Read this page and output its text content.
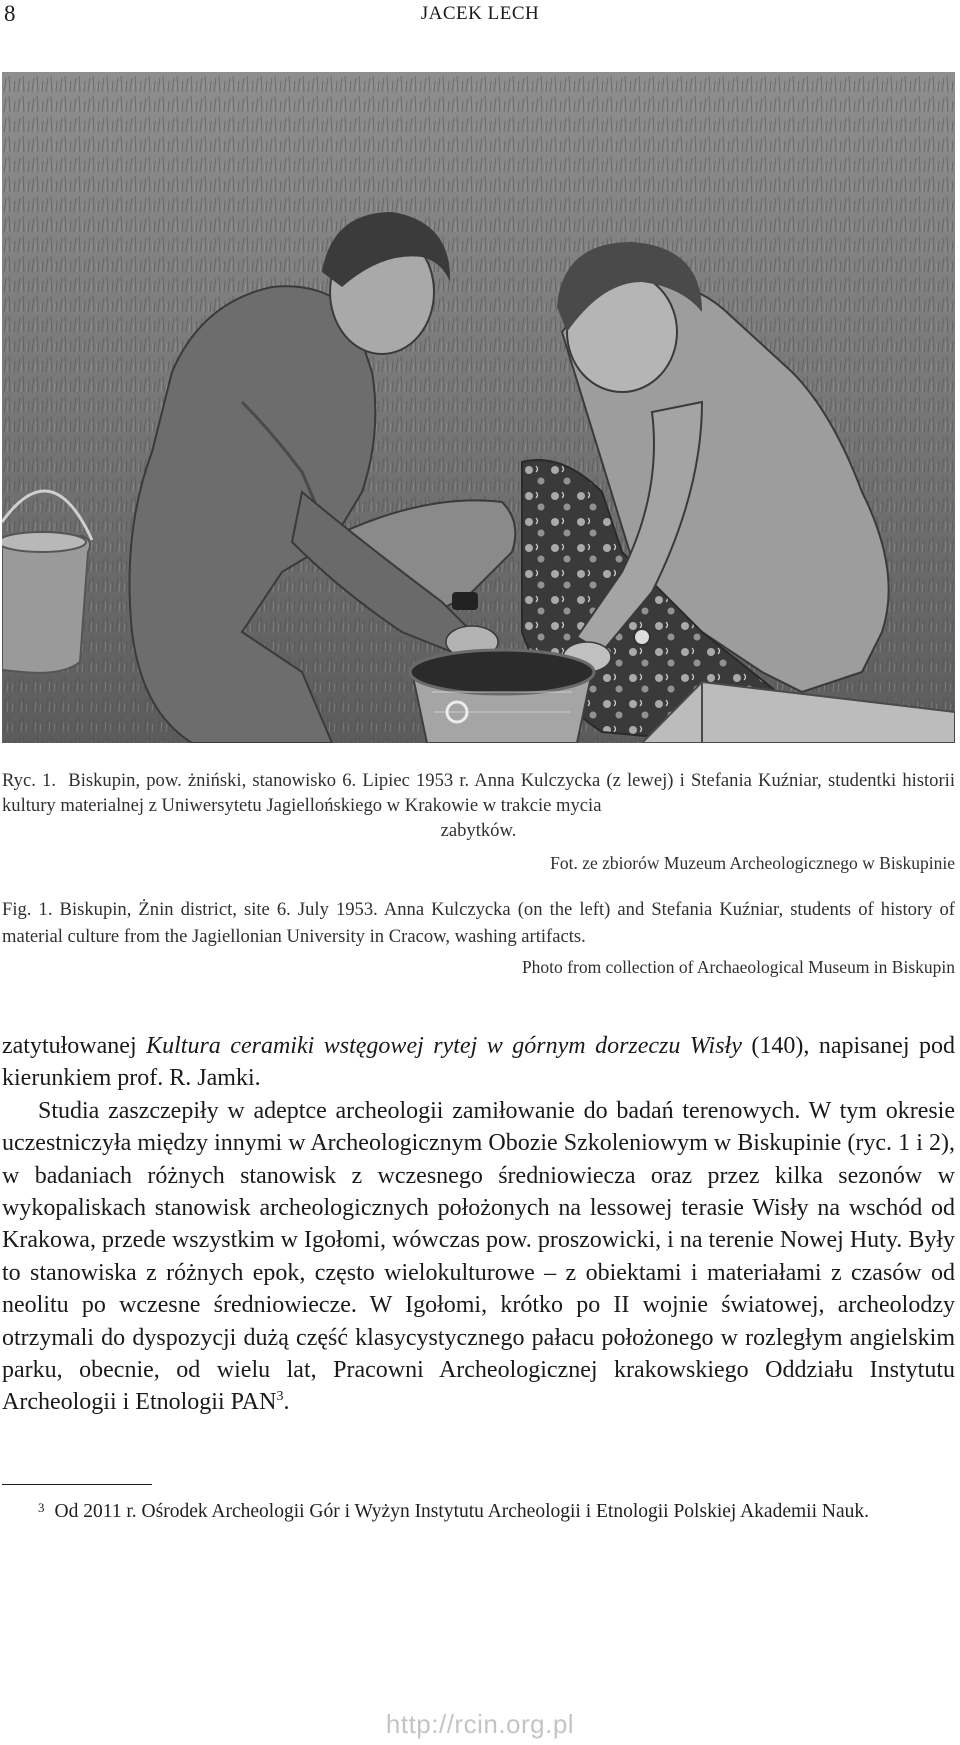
8	JACEK LECH
Ryc. 1.  Biskupin, pow. żniński, stanowisko 6. Lipiec 1953 r. Anna Kulczycka (z lewej) i Stefania Kuźniar, studentki historii kultury materialnej z Uniwersytetu Jagiellońskiego w Krakowie w trakcie mycia
zabytków.
Fot. ze zbiorów Muzeum Archeologicznego w Biskupinie
Fig. 1. Biskupin, Żnin district, site 6. July 1953. Anna Kulczycka (on the left) and Stefania Kuźniar, students of history of material culture from the Jagiellonian University in Cracow, washing artifacts.
Photo from collection of Archaeological Museum in Biskupin

zatytułowanej Kultura ceramiki wstęgowej rytej w górnym dorzeczu Wisły (140), napisanej pod kierunkiem prof. R. Jamki.

Studia zaszczepiły w adeptce archeologii zamiłowanie do badań terenowych. W tym okresie uczestniczyła między innymi w Archeologicznym Obozie Szkoleniowym w Biskupinie (ryc. 1 i 2), w badaniach różnych stanowisk z wczesnego średniowiecza oraz przez kilka sezonów w wykopaliskach stanowisk archeologicznych położonych na lessowej terasie Wisły na wschód od Krakowa, przede wszystkim w Igołomi, wówczas pow. proszowicki, i na terenie Nowej Huty. Były to stanowiska z różnych epok, często wielokulturowe – z obiektami i materiałami z czasów od neolitu po wczesne średniowiecze. W Igołomi, krótko po II wojnie światowej, archeolodzy otrzymali do dyspozycji dużą część klasycystycznego pałacu położonego w rozległym angielskim parku, obecnie, od wielu lat, Pracowni Archeologicznej krakowskiego Oddziału Instytutu Archeologii i Etnologii PAN$^3$.

3 Od 2011 r. Ośrodek Archeologii Gór i Wyżyn Instytutu Archeologii i Etnologii Polskiej Akademii Nauk.
http://rcin.org.pl
